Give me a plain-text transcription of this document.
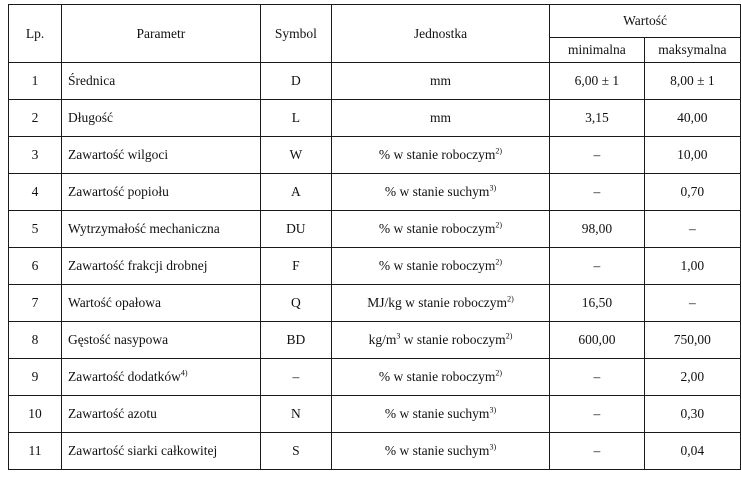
Lp.	Parametr	Symbol	Jednostka	Wartość	
				minimalna	maksymalna
1	Średnica	D	mm	6,00 ± 1	8,00 ± 1
2	Długość	L	mm	3,15	40,00
3	Zawartość wilgoci	W	% w stanie roboczym$^{2)}$	–	10,00
4	Zawartość popiołu	A	% w stanie suchym$^{3)}$	–	0,70
5	Wytrzymałość mechaniczna	DU	% w stanie roboczym$^{2)}$	98,00	–
6	Zawartość frakcji drobnej	F	% w stanie roboczym$^{2)}$	–	1,00
7	Wartość opałowa	Q	MJ/kg w stanie roboczym$^{2)}$	16,50	–
8	Gęstość nasypowa	BD	$kg/m^3$ w stanie roboczym$^{2)}$	600,00	750,00
9	Zawartość dodatków$^{4)}$	–	% w stanie roboczym$^{2)}$	–	2,00
10	Zawartość azotu	N	% w stanie suchym$^{3)}$	–	0,30
11	Zawartość siarki całkowitej	S	% w stanie suchym$^{3)}$	–	0,04
